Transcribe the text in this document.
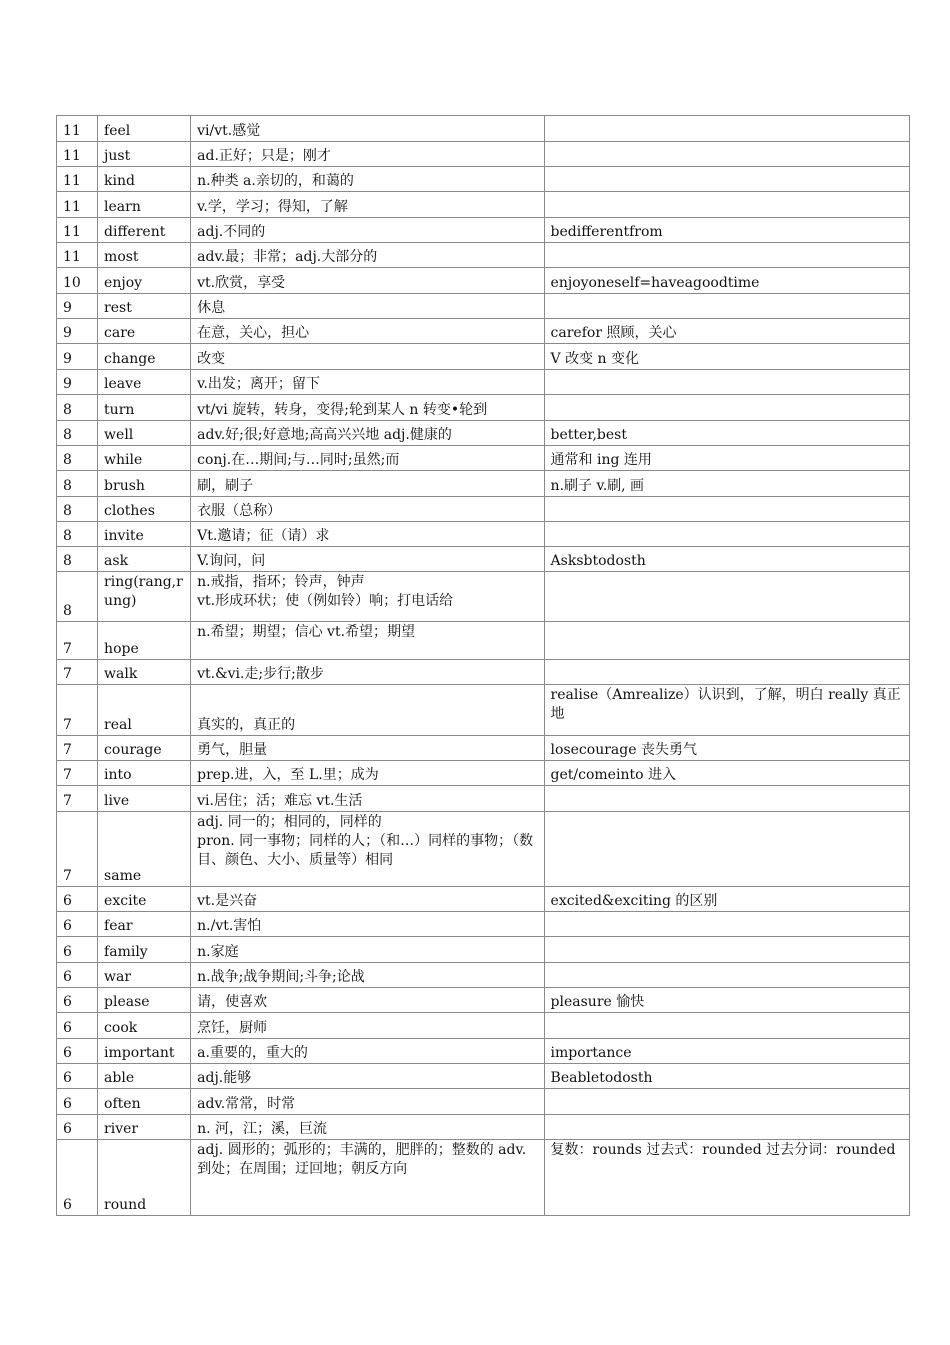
11	feel	vi/vt.感觉	

11	just	ad.正好；只是；刚才	

11	kind	n.种类 a.亲切的，和蔼的	

11	learn	v.学，学习；得知，了解	

11	different	adj.不同的	bedifferentfrom

11	most	adv.最；非常；adj.大部分的	

10	enjoy	vt.欣赏，享受	enjoyoneself=haveagoodtime

9	rest	休息	

9	care	在意，关心，担心	carefor 照顾，关心

9	change	改变	V 改变 n 变化

9	leave	v.出发；离开；留下	

8	turn	vt/vi 旋转，转身，变得;轮到某人 n 转变•轮到	

8	well	adv.好;很;好意地;高高兴兴地 adj.健康的	better,best

8	while	conj.在…期间;与…同时;虽然;而	通常和 ing 连用

8	brush	刷，刷子	n.刷子 v.刷, 画

8	clothes	衣服（总称）	

8	invite	Vt.邀请；征（请）求	

8	ask	V.询问，问	Asksbtodosth

8	ring(rang,rung)	n.戒指，指环；铃声，钟声
vt.形成环状；使（例如铃）响；打电话给	

7	hope	n.希望；期望；信心 vt.希望；期望	

7	walk	vt.&vi.走;步行;散步	

7	real	真实的，真正的	realise（Amrealize）认识到，了解，明白 really 真正地

7	courage	勇气，胆量	losecourage 丧失勇气

7	into	prep.进，入，至 L.里；成为	get/comeinto 进入

7	live	vi.居住；活；难忘 vt.生活	

7	same	adj. 同一的；相同的，同样的
pron. 同一事物；同样的人；（和…）同样的事物；（数目、颜色、大小、质量等）相同	

6	excite	vt.是兴奋	excited&exciting 的区别

6	fear	n./vt.害怕	

6	family	n.家庭	

6	war	n.战争;战争期间;斗争;论战	

6	please	请，使喜欢	pleasure 愉快

6	cook	烹饪，厨师	

6	important	a.重要的，重大的	importance

6	able	adj.能够	Beabletodosth

6	often	adv.常常，时常	

6	river	n. 河，江；溪，巨流	

6	round	adj. 圆形的；弧形的；丰满的，肥胖的；整数的 adv. 到处；在周围；迂回地；朝反方向	复数：rounds 过去式：rounded 过去分词：rounded
